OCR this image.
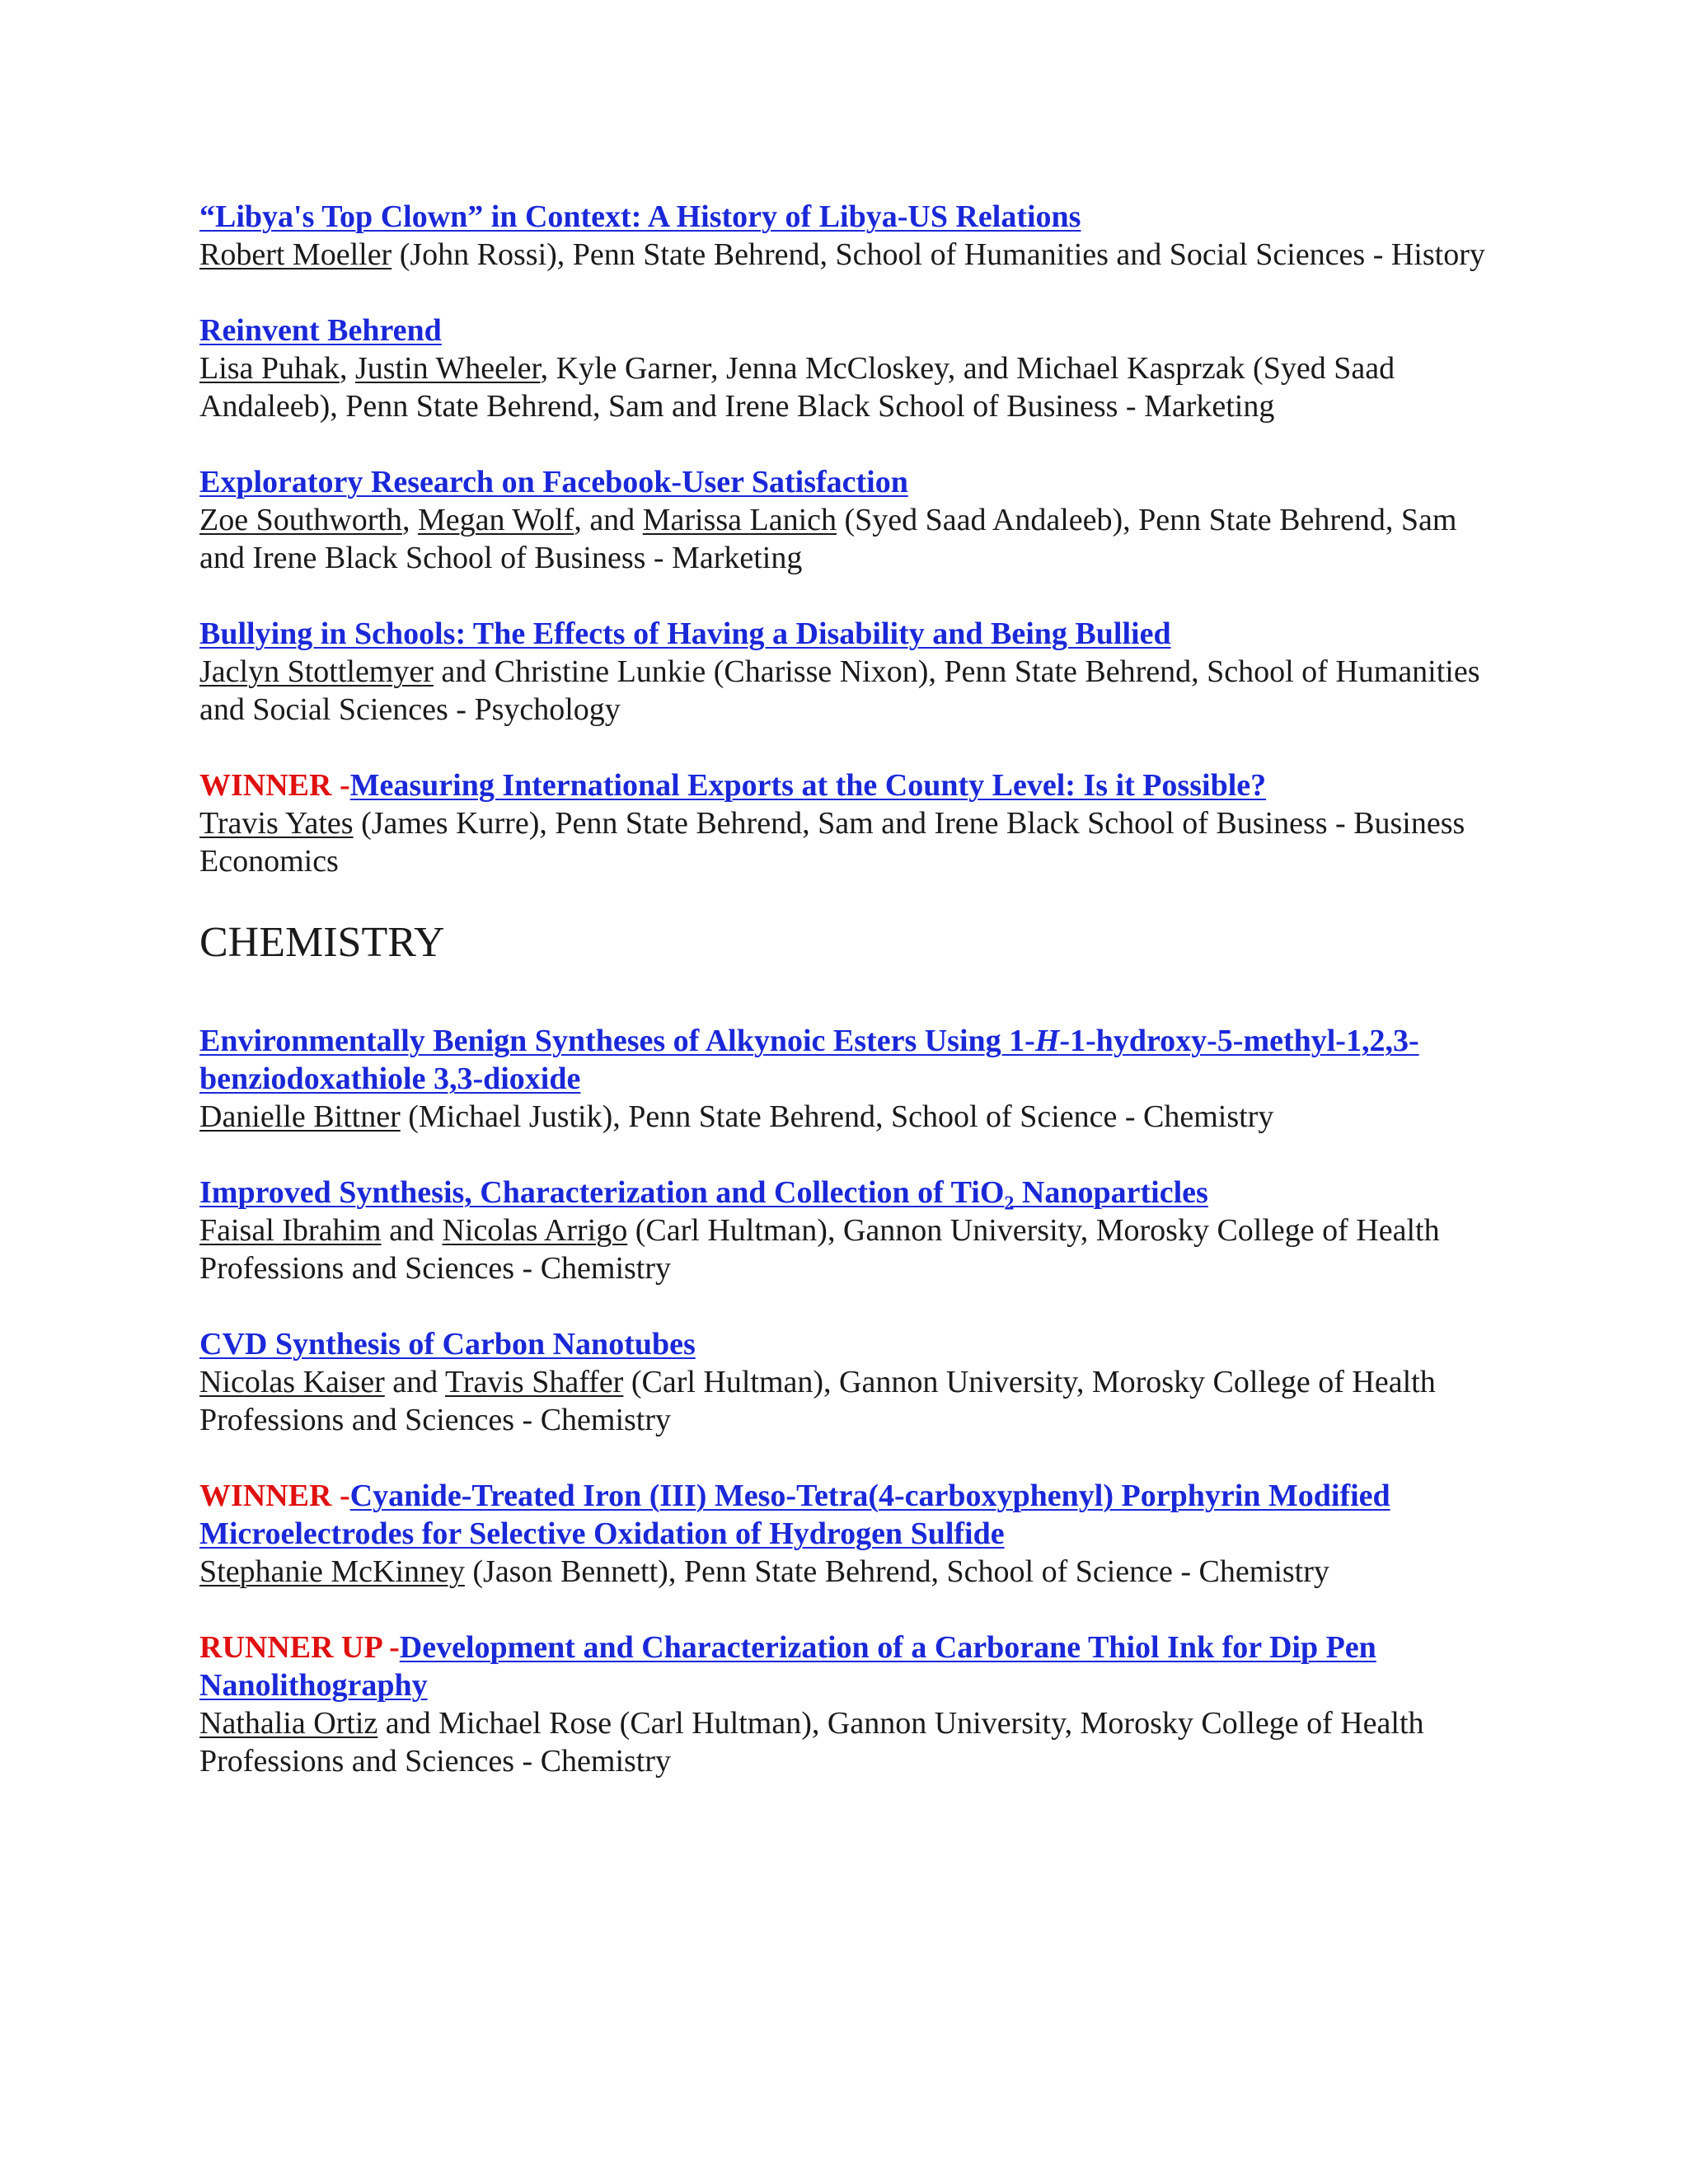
“Libya's Top Clown” in Context: A History of Libya-US Relations
Robert Moeller (John Rossi), Penn State Behrend, School of Humanities and Social Sciences - History
Reinvent Behrend
Lisa Puhak, Justin Wheeler, Kyle Garner, Jenna McCloskey, and Michael Kasprzak (Syed Saad Andaleeb), Penn State Behrend, Sam and Irene Black School of Business - Marketing
Exploratory Research on Facebook-User Satisfaction
Zoe Southworth, Megan Wolf, and Marissa Lanich (Syed Saad Andaleeb), Penn State Behrend, Sam and Irene Black School of Business - Marketing
Bullying in Schools: The Effects of Having a Disability and Being Bullied
Jaclyn Stottlemyer and Christine Lunkie (Charisse Nixon), Penn State Behrend, School of Humanities and Social Sciences - Psychology
WINNER -Measuring International Exports at the County Level: Is it Possible?
Travis Yates (James Kurre), Penn State Behrend, Sam and Irene Black School of Business - Business Economics
CHEMISTRY
Environmentally Benign Syntheses of Alkynoic Esters Using 1-H-1-hydroxy-5-methyl-1,2,3-benziodoxathiole 3,3-dioxide
Danielle Bittner (Michael Justik), Penn State Behrend, School of Science - Chemistry
Improved Synthesis, Characterization and Collection of TiO$_2$ Nanoparticles
Faisal Ibrahim and Nicolas Arrigo (Carl Hultman), Gannon University, Morosky College of Health Professions and Sciences - Chemistry
CVD Synthesis of Carbon Nanotubes
Nicolas Kaiser and Travis Shaffer (Carl Hultman), Gannon University, Morosky College of Health Professions and Sciences - Chemistry
WINNER -Cyanide-Treated Iron (III) Meso-Tetra(4-carboxyphenyl) Porphyrin Modified Microelectrodes for Selective Oxidation of Hydrogen Sulfide
Stephanie McKinney (Jason Bennett), Penn State Behrend, School of Science - Chemistry
RUNNER UP -Development and Characterization of a Carborane Thiol Ink for Dip Pen Nanolithography
Nathalia Ortiz and Michael Rose (Carl Hultman), Gannon University, Morosky College of Health Professions and Sciences - Chemistry
